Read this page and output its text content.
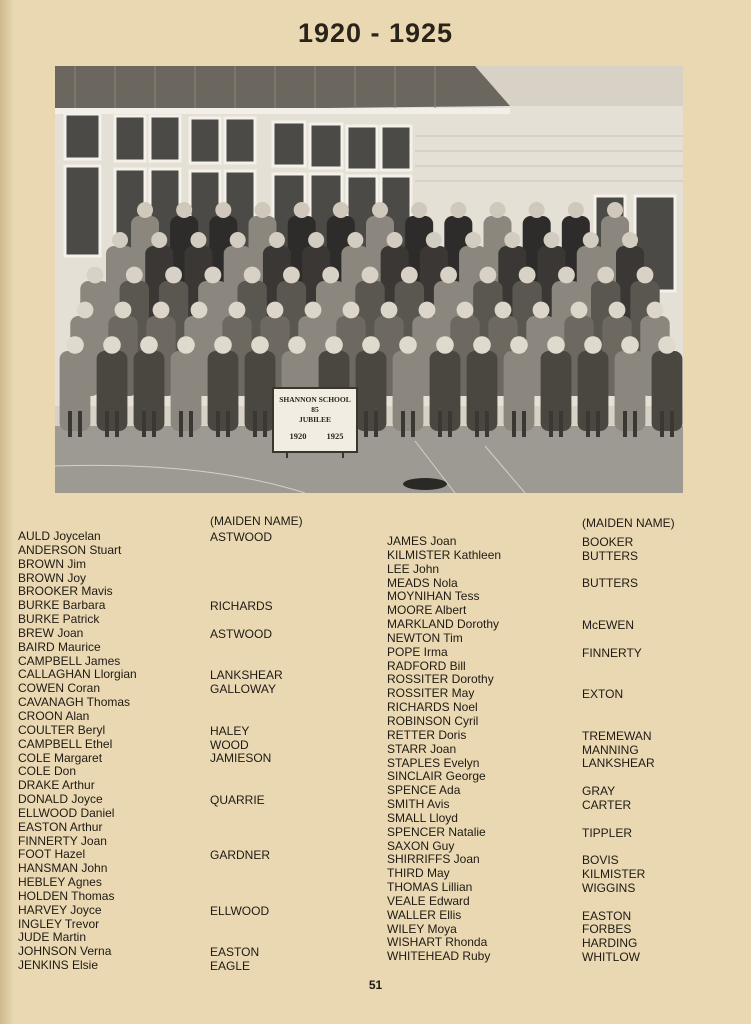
1920 - 1925
SHANNON SCHOOL
85
JUBILEE
1920 1925
(MAIDEN NAME)
ASTWOOD

RICHARDS

ASTWOOD

LANKSHEAR
GALLOWAY

HALEY
WOOD
JAMIESON

QUARRIE

GARDNER

ELLWOOD

EASTON
EAGLE
AULD Joycelan
ANDERSON Stuart
BROWN Jim
BROWN Joy
BROOKER Mavis
BURKE Barbara
BURKE Patrick
BREW Joan
BAIRD Maurice
CAMPBELL James
CALLAGHAN Llorgian
COWEN Coran
CAVANAGH Thomas
CROON Alan
COULTER Beryl
CAMPBELL Ethel
COLE Margaret
COLE Don
DRAKE Arthur
DONALD Joyce
ELLWOOD Daniel
EASTON Arthur
FINNERTY Joan
FOOT Hazel
HANSMAN John
HEBLEY Agnes
HOLDEN Thomas
HARVEY Joyce
INGLEY Trevor
JUDE Martin
JOHNSON Verna
JENKINS Elsie
(MAIDEN NAME)
BOOKER
BUTTERS

BUTTERS

McEWEN

FINNERTY

EXTON

TREMEWAN
MANNING
LANKSHEAR

GRAY
CARTER

TIPPLER

BOVIS
KILMISTER
WIGGINS

EASTON
FORBES
HARDING
WHITLOW
JAMES Joan
KILMISTER Kathleen
LEE John
MEADS Nola
MOYNIHAN Tess
MOORE Albert
MARKLAND Dorothy
NEWTON Tim
POPE Irma
RADFORD Bill
ROSSITER Dorothy
ROSSITER May
RICHARDS Noel
ROBINSON Cyril
RETTER Doris
STARR Joan
STAPLES Evelyn
SINCLAIR George
SPENCE Ada
SMITH Avis
SMALL Lloyd
SPENCER Natalie
SAXON Guy
SHIRRIFFS Joan
THIRD May
THOMAS Lillian
VEALE Edward
WALLER Ellis
WILEY Moya
WISHART Rhonda
WHITEHEAD Ruby
51
